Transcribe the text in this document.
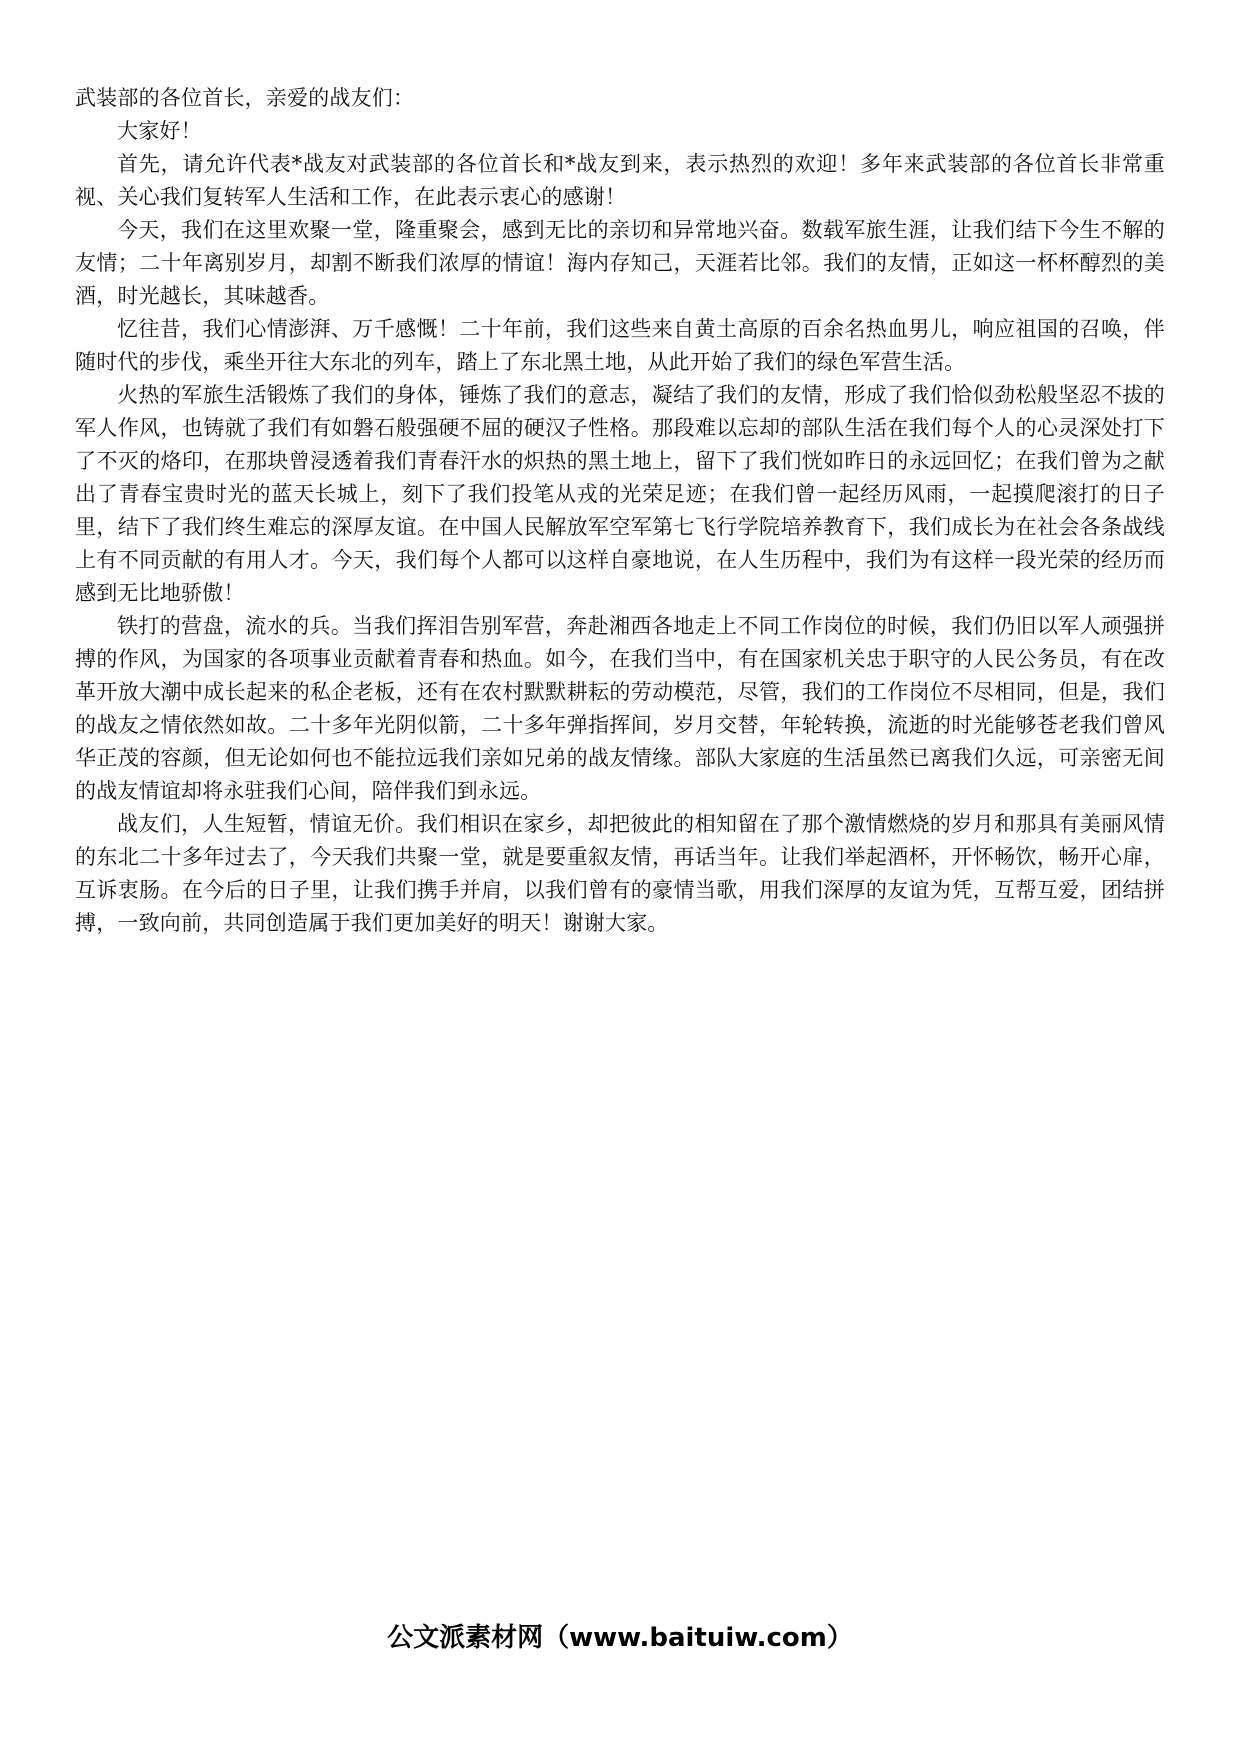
武装部的各位首长，亲爱的战友们：

大家好！

首先，请允许代表*战友对武装部的各位首长和*战友到来，表示热烈的欢迎！多年来武装部的各位首长非常重视、关心我们复转军人生活和工作，在此表示衷心的感谢！

今天，我们在这里欢聚一堂，隆重聚会，感到无比的亲切和异常地兴奋。数载军旅生涯，让我们结下今生不解的友情；二十年离别岁月，却割不断我们浓厚的情谊！海内存知己，天涯若比邻。我们的友情，正如这一杯杯醇烈的美酒，时光越长，其味越香。

忆往昔，我们心情澎湃、万千感慨！二十年前，我们这些来自黄土高原的百余名热血男儿，响应祖国的召唤，伴随时代的步伐，乘坐开往大东北的列车，踏上了东北黑土地，从此开始了我们的绿色军营生活。

火热的军旅生活锻炼了我们的身体，锤炼了我们的意志，凝结了我们的友情，形成了我们恰似劲松般坚忍不拔的军人作风，也铸就了我们有如磐石般强硬不屈的硬汉子性格。那段难以忘却的部队生活在我们每个人的心灵深处打下了不灭的烙印，在那块曾浸透着我们青春汗水的炽热的黑土地上，留下了我们恍如昨日的永远回忆；在我们曾为之献出了青春宝贵时光的蓝天长城上，刻下了我们投笔从戎的光荣足迹；在我们曾一起经历风雨，一起摸爬滚打的日子里，结下了我们终生难忘的深厚友谊。在中国人民解放军空军第七飞行学院培养教育下，我们成长为在社会各条战线上有不同贡献的有用人才。今天，我们每个人都可以这样自豪地说，在人生历程中，我们为有这样一段光荣的经历而感到无比地骄傲！

铁打的营盘，流水的兵。当我们挥泪告别军营，奔赴湘西各地走上不同工作岗位的时候，我们仍旧以军人顽强拼搏的作风，为国家的各项事业贡献着青春和热血。如今，在我们当中，有在国家机关忠于职守的人民公务员，有在改革开放大潮中成长起来的私企老板，还有在农村默默耕耘的劳动模范，尽管，我们的工作岗位不尽相同，但是，我们的战友之情依然如故。二十多年光阴似箭，二十多年弹指挥间，岁月交替，年轮转换，流逝的时光能够苍老我们曾风华正茂的容颜，但无论如何也不能拉远我们亲如兄弟的战友情缘。部队大家庭的生活虽然已离我们久远，可亲密无间的战友情谊却将永驻我们心间，陪伴我们到永远。

战友们，人生短暂，情谊无价。我们相识在家乡，却把彼此的相知留在了那个激情燃烧的岁月和那具有美丽风情的东北二十多年过去了，今天我们共聚一堂，就是要重叙友情，再话当年。让我们举起酒杯，开怀畅饮，畅开心扉，互诉衷肠。在今后的日子里，让我们携手并肩，以我们曾有的豪情当歌，用我们深厚的友谊为凭，互帮互爱，团结拼搏，一致向前，共同创造属于我们更加美好的明天！谢谢大家。

公文派素材网（www.baituiw.com）
